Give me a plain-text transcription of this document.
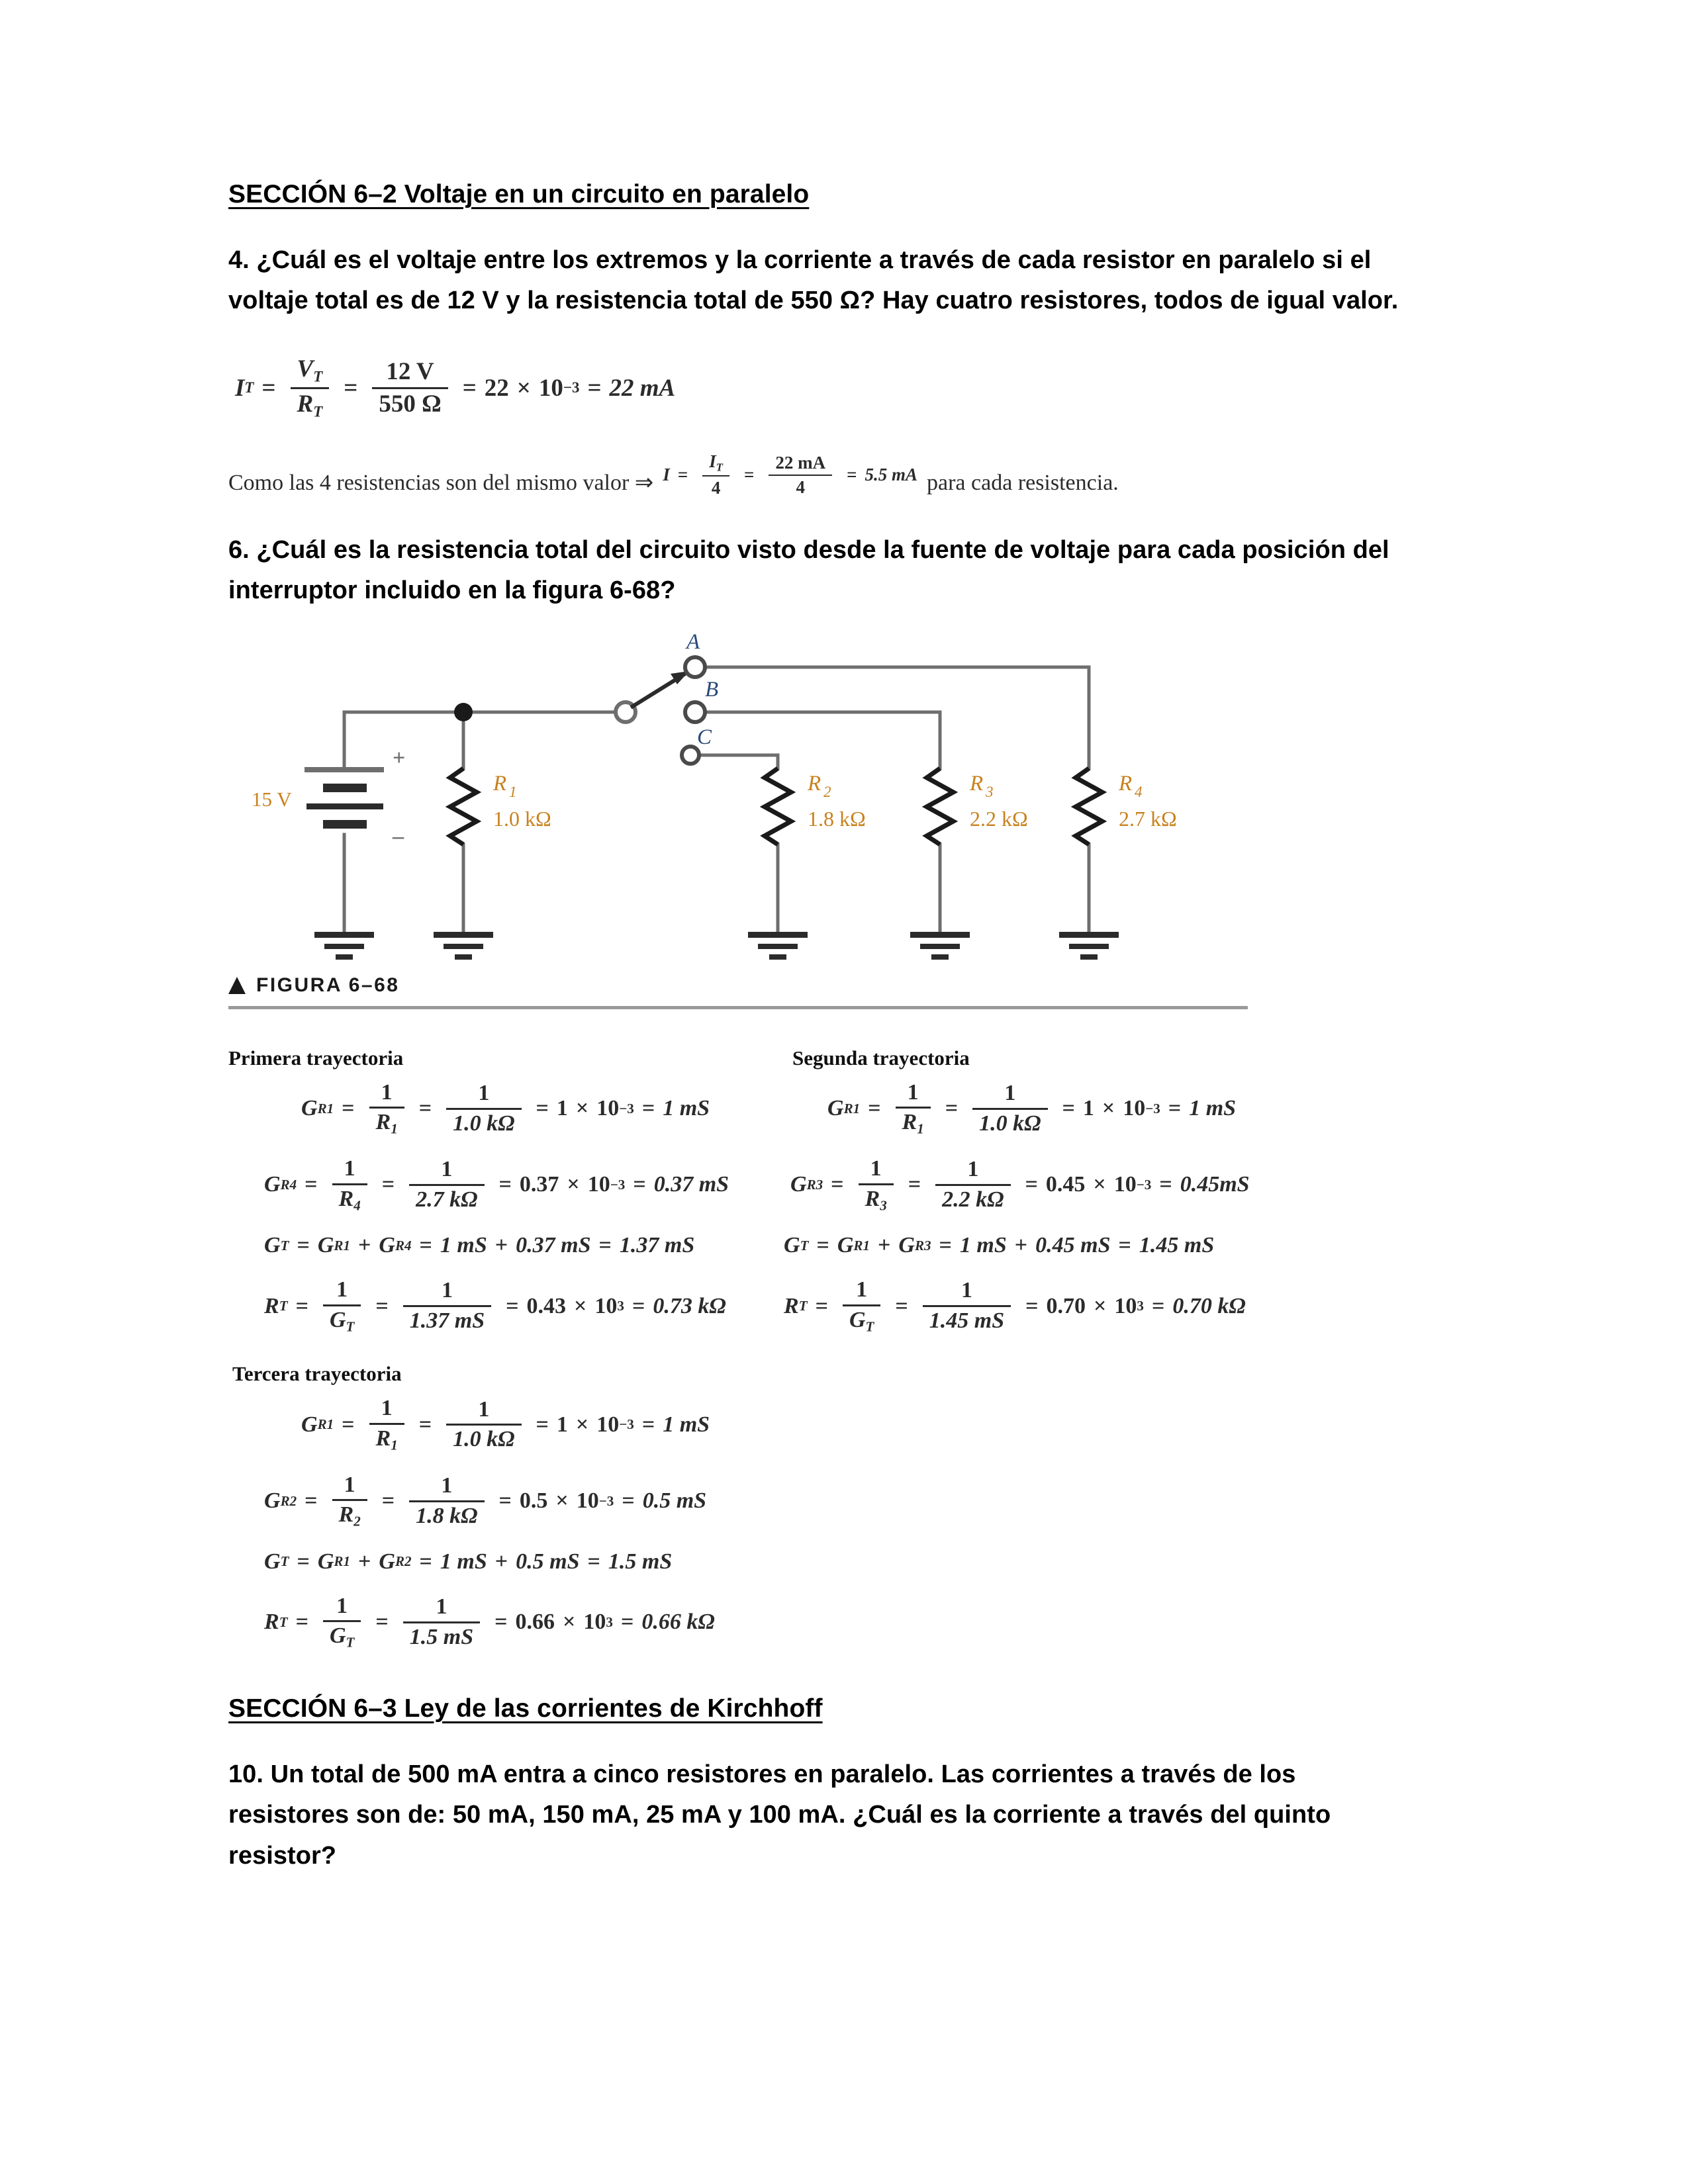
SECCIÓN 6–2 Voltaje en un circuito en paralelo

4. ¿Cuál es el voltaje entre los extremos y la corriente a través de cada resistor en paralelo si el voltaje total es de 12 V y la resistencia total de 550 Ω? Hay cuatro resistores, todos de igual valor.

I $T = \frac{V_T}{R_T} = \frac{12 V}{550 \Omega} = 22 \times 10 -3 = 22$ mA
Como las 4 resistencias son del mismo valor ⇒ $I = \frac{I_T}{4} = \frac{22 mA}{4} = 5.5$ mA para cada resistencia.

6. ¿Cuál es la resistencia total del circuito visto desde la fuente de voltaje para cada posición del interruptor incluido en la figura 6-68?

15 V
+
–
A
B
C
R 1
1.0 kΩ
R 2
1.8 kΩ
R 3
2.2 kΩ
R 4
2.7 kΩ
FIGURA 6–68
Primera trayectoria
G $R1 = \frac{1}{R_1} = \frac{1}{1.0 k\Omega} = 1 \times 10 -3 = 1$ mS
G $R4 = \frac{1}{R_4} = \frac{1}{2.7 k\Omega} = 0.37 \times 10 -3 = 0.37$ mS
G T = G R1 + G R4 = 1 mS + 0.37 mS = 1.37 mS
R $T = \frac{1}{G_T} = \frac{1}{1.37 mS} = 0.43 \times 10$ 3 = 0.73 kΩ
Segunda trayectoria
G $R1 = \frac{1}{R_1} = \frac{1}{1.0 k\Omega} = 1 \times 10 -3 = 1$ mS
G $R3 = \frac{1}{R_3} = \frac{1}{2.2 k\Omega} = 0.45 \times 10 -3 = 0.45mS$
G T = G R1 + G R3 = 1 mS + 0.45 mS = 1.45 mS
R $T = \frac{1}{G_T} = \frac{1}{1.45 mS} = 0.70 \times 10$ 3 = 0.70 kΩ
Tercera trayectoria
G $R1 = \frac{1}{R_1} = \frac{1}{1.0 k\Omega} = 1 \times 10 -3 = 1$ mS
G $R2 = \frac{1}{R_2} = \frac{1}{1.8 k\Omega} = 0.5 \times 10 -3 = 0.5$ mS
G T = G R1 + G R2 = 1 mS + 0.5 mS = 1.5 mS
R $T = \frac{1}{G_T} = \frac{1}{1.5 mS} = 0.66 \times 10$ 3 = 0.66 kΩ
SECCIÓN 6–3 Ley de las corrientes de Kirchhoff

10. Un total de 500 mA entra a cinco resistores en paralelo. Las corrientes a través de los resistores son de: 50 mA, 150 mA, 25 mA y 100 mA. ¿Cuál es la corriente a través del quinto resistor?
